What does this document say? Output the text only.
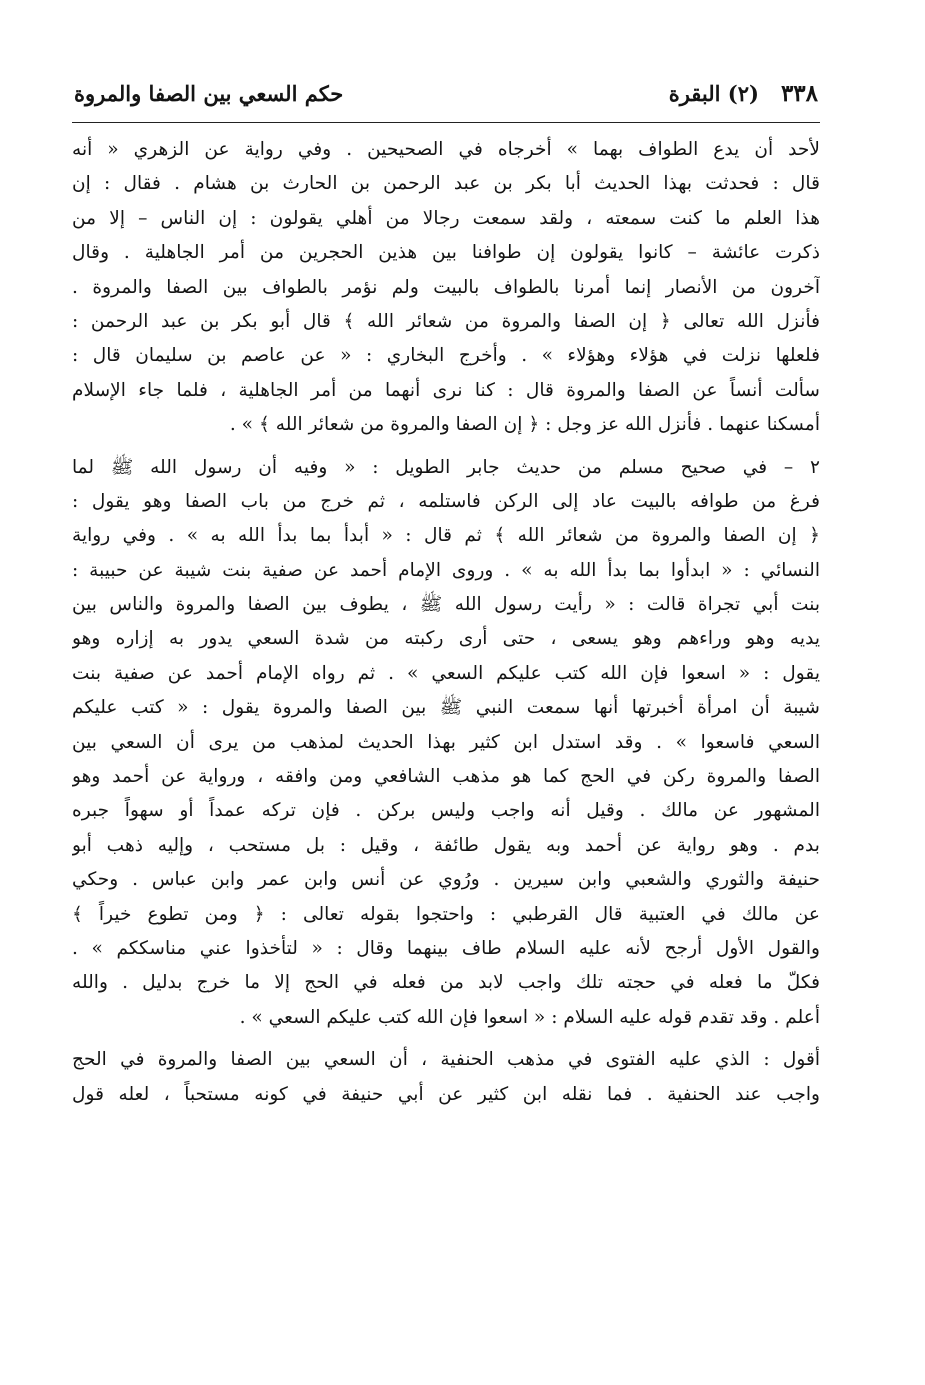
٣٣٨
(٢) البقرة
حكم السعي بين الصفا والمروة
لأحد أن يدع الطواف بهما » أخرجاه في الصحيحين . وفي رواية عن الزهري « أنه
قال : فحدثت بهذا الحديث أبا بكر بن عبد الرحمن بن الحارث بن هشام . فقال : إن
هذا العلم ما كنت سمعته ، ولقد سمعت رجالا من أهلي يقولون : إن الناس – إلا من
ذكرت عائشة – كانوا يقولون إن طوافنا بين هذين الحجرين من أمر الجاهلية . وقال
آخرون من الأنصار إنما أمرنا بالطواف بالبيت ولم نؤمر بالطواف بين الصفا والمروة .
فأنزل الله تعالى ﴿ إن الصفا والمروة من شعائر الله ﴾ قال أبو بكر بن عبد الرحمن :
فلعلها نزلت في هؤلاء وهؤلاء » . وأخرج البخاري : « عن عاصم بن سليمان قال :
سألت أنساً عن الصفا والمروة قال : كنا نرى أنهما من أمر الجاهلية ، فلما جاء الإسلام
أمسكنا عنهما . فأنزل الله عز وجل : ﴿ إن الصفا والمروة من شعائر الله ﴾ » .
٢ – في صحيح مسلم من حديث جابر الطويل : « وفيه أن رسول الله ﷺ لما
فرغ من طوافه بالبيت عاد إلى الركن فاستلمه ، ثم خرج من باب الصفا وهو يقول :
﴿ إن الصفا والمروة من شعائر الله ﴾ ثم قال : « أبدأ بما بدأ الله به » . وفي رواية
النسائي : « ابدأوا بما بدأ الله به » . وروى الإمام أحمد عن صفية بنت شيبة عن حبيبة :
بنت أبي تجراة قالت : « رأيت رسول الله ﷺ ، يطوف بين الصفا والمروة والناس بين
يديه وهو وراءهم وهو يسعى ، حتى أرى ركبته من شدة السعي يدور به إزاره وهو
يقول : « اسعوا فإن الله كتب عليكم السعي » . ثم رواه الإمام أحمد عن صفية بنت
شيبة أن امرأة أخبرتها أنها سمعت النبي ﷺ بين الصفا والمروة يقول : « كتب عليكم
السعي فاسعوا » . وقد استدل ابن كثير بهذا الحديث لمذهب من يرى أن السعي بين
الصفا والمروة ركن في الحج كما هو مذهب الشافعي ومن وافقه ، ورواية عن أحمد وهو
المشهور عن مالك . وقيل أنه واجب وليس بركن . فإن تركه عمداً أو سهواً جبره
بدم . وهو رواية عن أحمد وبه يقول طائفة ، وقيل : بل مستحب ، وإليه ذهب أبو
حنيفة والثوري والشعبي وابن سيرين . ورُوي عن أنس وابن عمر وابن عباس . وحكي
عن مالك في العتبية قال القرطبي : واحتجوا بقوله تعالى : ﴿ ومن تطوع خيراً ﴾
والقول الأول أرجح لأنه عليه السلام طاف بينهما وقال : « لتأخذوا عني مناسككم » .
فكلّ ما فعله في حجته تلك واجب لابد من فعله في الحج إلا ما خرج بدليل . والله
أعلم . وقد تقدم قوله عليه السلام : « اسعوا فإن الله كتب عليكم السعي » .
أقول : الذي عليه الفتوى في مذهب الحنفية ، أن السعي بين الصفا والمروة في الحج
واجب عند الحنفية . فما نقله ابن كثير عن أبي حنيفة في كونه مستحباً ، لعله قول
